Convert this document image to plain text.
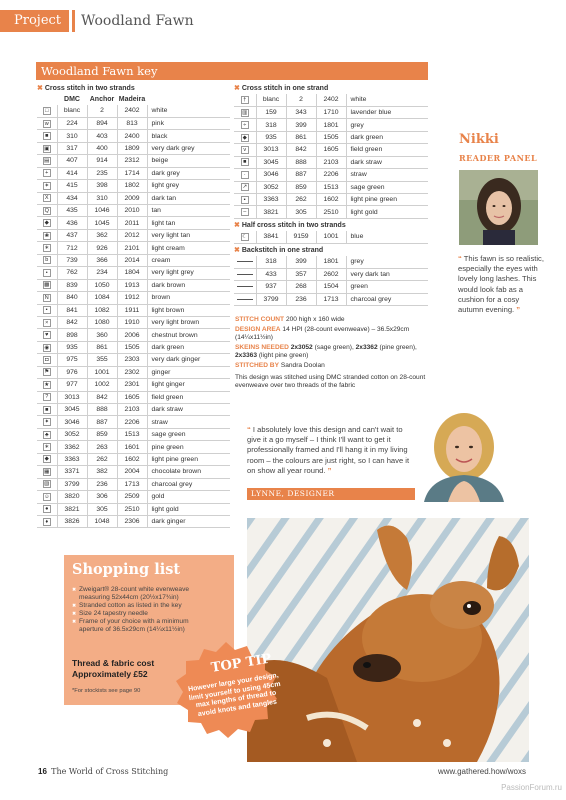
Project	Woodland Fawn
Woodland Fawn key
✖ Cross stitch in two strands
	DMC	Anchor	Madeira	
□	blanc	2	2402	white
w	224	894	813	pink
■	310	403	2400	black
▣	317	400	1809	very dark grey
▤	407	914	2312	beige
+	414	235	1714	dark grey
✶	415	398	1802	light grey
X	434	310	2009	dark tan
Q	435	1046	2010	tan
◆	436	1045	2011	light tan
❀	437	362	2012	very light tan
∗	712	926	2101	light cream
b	739	366	2014	cream
•	762	234	1804	very light grey
▩	839	1050	1913	dark brown
N	840	1084	1912	brown
▪	841	1082	1911	light brown
×	842	1080	1910	very light brown
♥	898	360	2006	chestnut brown
◉	935	861	1505	dark green
◘	975	355	2303	very dark ginger
⚑	976	1001	2302	ginger
★	977	1002	2301	light ginger
?	3013	842	1605	field green
■	3045	888	2103	dark straw
✦	3046	887	2206	straw
♣	3052	859	1513	sage green
∗	3362	263	1601	pine green
◆	3363	262	1602	light pine green
▦	3371	382	2004	chocolate brown
▧	3799	236	1713	charcoal grey
☺	3820	306	2509	gold
●	3821	305	2510	light gold
♦	3826	1048	2306	dark ginger
✖ Cross stitch in one strand
†	blanc	2	2402	white
▥	159	343	1710	lavender blue
÷	318	399	1801	grey
◆	935	861	1505	dark green
v	3013	842	1605	field green
■	3045	888	2103	dark straw
·	3046	887	2206	straw
↗	3052	859	1513	sage green
▪	3363	262	1602	light pine green
–	3821	305	2510	light gold
✖ Half cross stitch in two strands
☾	3841	9159	1001	blue
✖ Backstitch in one strand
	318	399	1801	grey
	433	357	2602	very dark tan
	937	268	1504	green
	3799	236	1713	charcoal grey

STITCH COUNT 200 high x 160 wide

DESIGN AREA 14 HPI (28-count evenweave) – 36.5x29cm (14¼x11½in)

SKEINS NEEDED 2x3052 (sage green), 2x3362 (pine green), 2x3363 (light pine green)

STITCHED BY Sandra Doolan

This design was stitched using DMC stranded cotton on 28-count evenweave over two threads of the fabric

Nikki
READER PANEL
“ This fawn is so realistic, especially the eyes with lovely long lashes. This would look fab as a cushion for a cosy autumn evening. ”
“ I absolutely love this design and can't wait to give it a go myself – I think I'll want to get it professionally framed and I'll hang it in my living room – the colours are just right, so I can have it on show all year round. ”
LYNNE, DESIGNER
Shopping list
✖ Zweigart® 28-count white evenweave measuring 52x44cm (20½x17¾in)
✖ Stranded cotton as listed in the key
✖ Size 24 tapestry needle
✖ Frame of your choice with a minimum aperture of 36.5x29cm (14¼x11½in)
Thread & fabric cost
Approximately £52
*For stockists see page 90
TOP TIP
However large your design, limit yourself to using 45cm max lengths of thread to avoid knots and tangles
16 The World of Cross Stitching	www.gathered.how/woxs
PassionForum.ru
